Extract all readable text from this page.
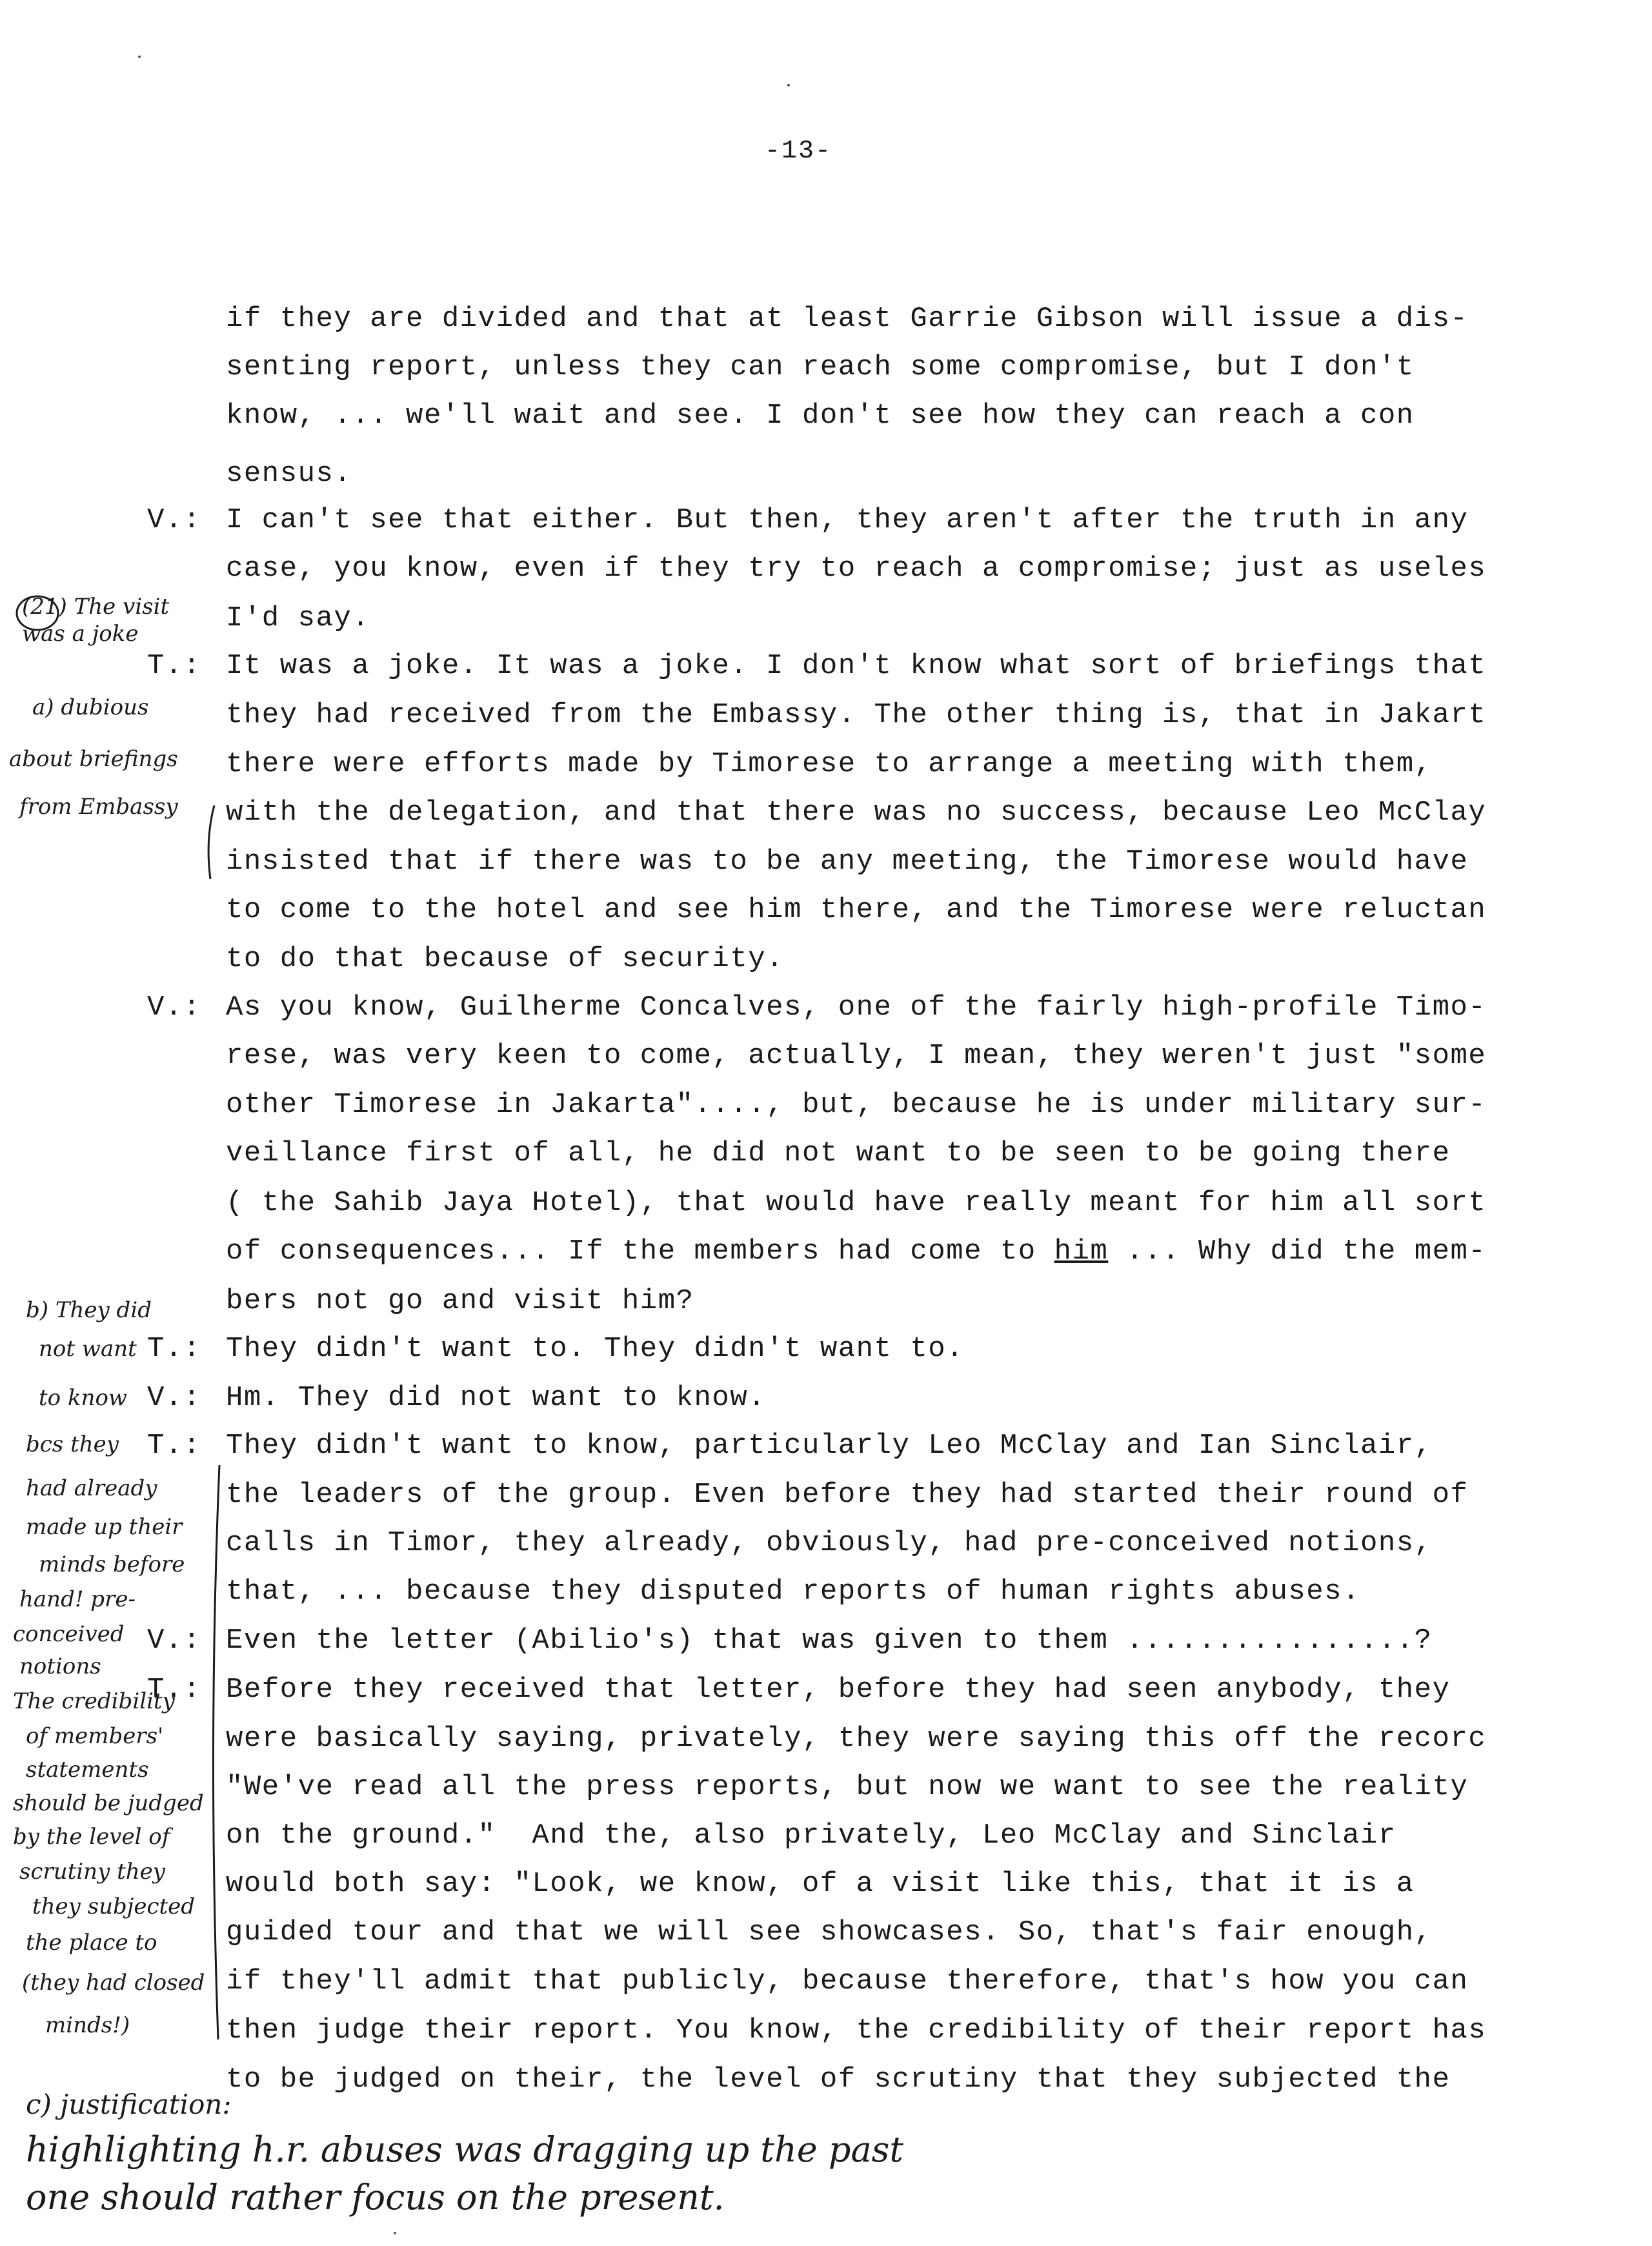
-13-
if they are divided and that at least Garrie Gibson will issue a dis-
senting report, unless they can reach some compromise, but I don't
know, ... we'll wait and see. I don't see how they can reach a con
sensus.
V.: I can't see that either. But then, they aren't after the truth in any
case, you know, even if they try to reach a compromise; just as useles
I'd say.
T.: It was a joke. It was a joke. I don't know what sort of briefings that
they had received from the Embassy. The other thing is, that in Jakart
there were efforts made by Timorese to arrange a meeting with them,
with the delegation, and that there was no success, because Leo McClay
insisted that if there was to be any meeting, the Timorese would have
to come to the hotel and see him there, and the Timorese were reluctan
to do that because of security.
V.: As you know, Guilherme Concalves, one of the fairly high-profile Timo-
rese, was very keen to come, actually, I mean, they weren't just "some
other Timorese in Jakarta"...., but, because he is under military sur-
veillance first of all, he did not want to be seen to be going there
( the Sahib Jaya Hotel), that would have really meant for him all sort
of consequences... If the members had come to him ... Why did the mem-
bers not go and visit him?
T.: They didn't want to. They didn't want to.
V.: Hm. They did not want to know.
T.: They didn't want to know, particularly Leo McClay and Ian Sinclair,
the leaders of the group. Even before they had started their round of
calls in Timor, they already, obviously, had pre-conceived notions,
that, ... because they disputed reports of human rights abuses.
V.: Even the letter (Abilio's) that was given to them ................?
T.: Before they received that letter, before they had seen anybody, they
were basically saying, privately, they were saying this off the recorc
"We've read all the press reports, but now we want to see the reality
on the ground."  And the, also privately, Leo McClay and Sinclair
would both say: "Look, we know, of a visit like this, that it is a
guided tour and that we will see showcases. So, that's fair enough,
if they'll admit that publicly, because therefore, that's how you can
then judge their report. You know, the credibility of their report has
to be judged on their, the level of scrutiny that they subjected the
(21) The visit
was a joke
a) dubious
about briefings
from Embassy
b) They did
not want
to know
bcs they
had already
made up their
minds before
hand! pre-
conceived
notions
The credibility
of members'
statements
should be judged
by the level of
scrutiny they
they subjected
the place to
(they had closed
minds!)
c) justification:
highlighting h.r. abuses was dragging up the past
one should rather focus on the present.
